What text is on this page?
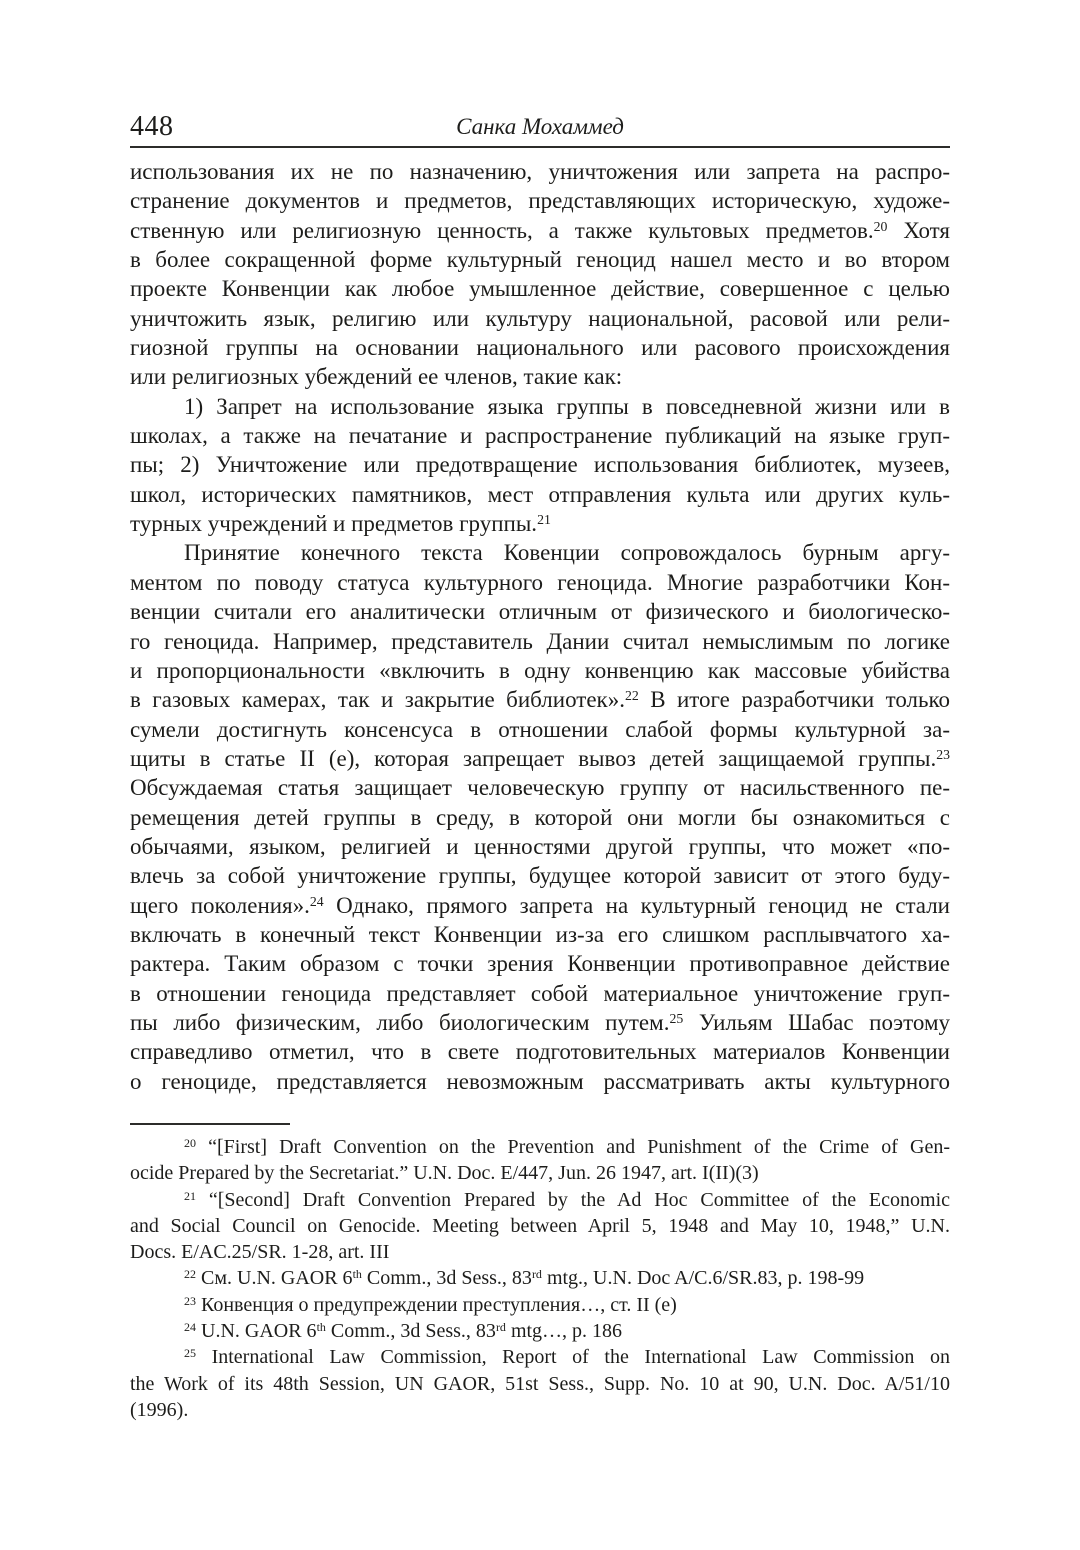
448	Санка Мохаммед
использования их не по назначению, уничтожения или запрета на распро-
странение документов и предметов, представляющих историческую, художе-
ственную или религиозную ценность, а также культовых предметов.$^{20}$ Хотя
в более сокращенной форме культурный геноцид нашел место и во втором
проекте Конвенции как любое умышленное действие, совершенное с целью
уничтожить язык, религию или культуру национальной, расовой или рели-
гиозной группы на основании национального или расового происхождения
или религиозных убеждений ее членов, такие как:
1) Запрет на использование языка группы в повседневной жизни или в
школах, а также на печатание и распространение публикаций на языке груп-
пы; 2) Уничтожение или предотвращение использования библиотек, музеев,
школ, исторических памятников, мест отправления культа или других куль-
турных учреждений и предметов группы.$^{21}$
Принятие конечного текста Ковенции сопровождалось бурным аргу-
ментом по поводу статуса культурного геноцида. Многие разработчики Кон-
венции считали его аналитически отличным от физического и биологическо-
го геноцида. Например, представитель Дании считал немыслимым по логике
и пропорциональности «включить в одну конвенцию как массовые убийства
в газовых камерах, так и закрытие библиотек».$^{22}$ В итоге разработчики только
сумели достигнуть консенсуса в отношении слабой формы культурной за-
щиты в статье II (е), которая запрещает вывоз детей защищаемой группы.$^{23}$
Обсуждаемая статья защищает человеческую группу от насильственного пе-
ремещения детей группы в среду, в которой они могли бы ознакомиться с
обычаями, языком, религией и ценностями другой группы, что может «по-
влечь за собой уничтожение группы, будущее которой зависит от этого буду-
щего поколения».$^{24}$ Однако, прямого запрета на культурный геноцид не стали
включать в конечный текст Конвенции из-за его слишком расплывчатого ха-
рактера. Таким образом с точки зрения Конвенции противоправное действие
в отношении геноцида представляет собой материальное уничтожение груп-
пы либо физическим, либо биологическим путем.$^{25}$ Уильям Шабас поэтому
справедливо отметил, что в свете подготовительных материалов Конвенции
о геноциде, представляется невозможным рассматривать акты культурного
$^{20}$ “[First] Draft Convention on the Prevention and Punishment of the Crime of Gen-
ocide Prepared by the Secretariat.” U.N. Doc. E/447, Jun. 26 1947, art. I(II)(3)
$^{21}$ “[Second] Draft Convention Prepared by the Ad Hoc Committee of the Economic
and Social Council on Genocide. Meeting between April 5, 1948 and May 10, 1948,” U.N.
Docs. E/AC.25/SR. 1-28, art. III
$^{22}$ См. U.N. GAOR 6th Comm., 3d Sess., 83rd mtg., U.N. Doc A/C.6/SR.83, p. 198-99
$^{23}$ Конвенция о предупреждении преступления…, ст. II (е)
$^{24}$ U.N. GAOR 6th Comm., 3d Sess., 83rd mtg…, p. 186
$^{25}$ International Law Commission, Report of the International Law Commission on
the Work of its 48th Session, UN GAOR, 51st Sess., Supp. No. 10 at 90, U.N. Doc. A/51/10
(1996).
